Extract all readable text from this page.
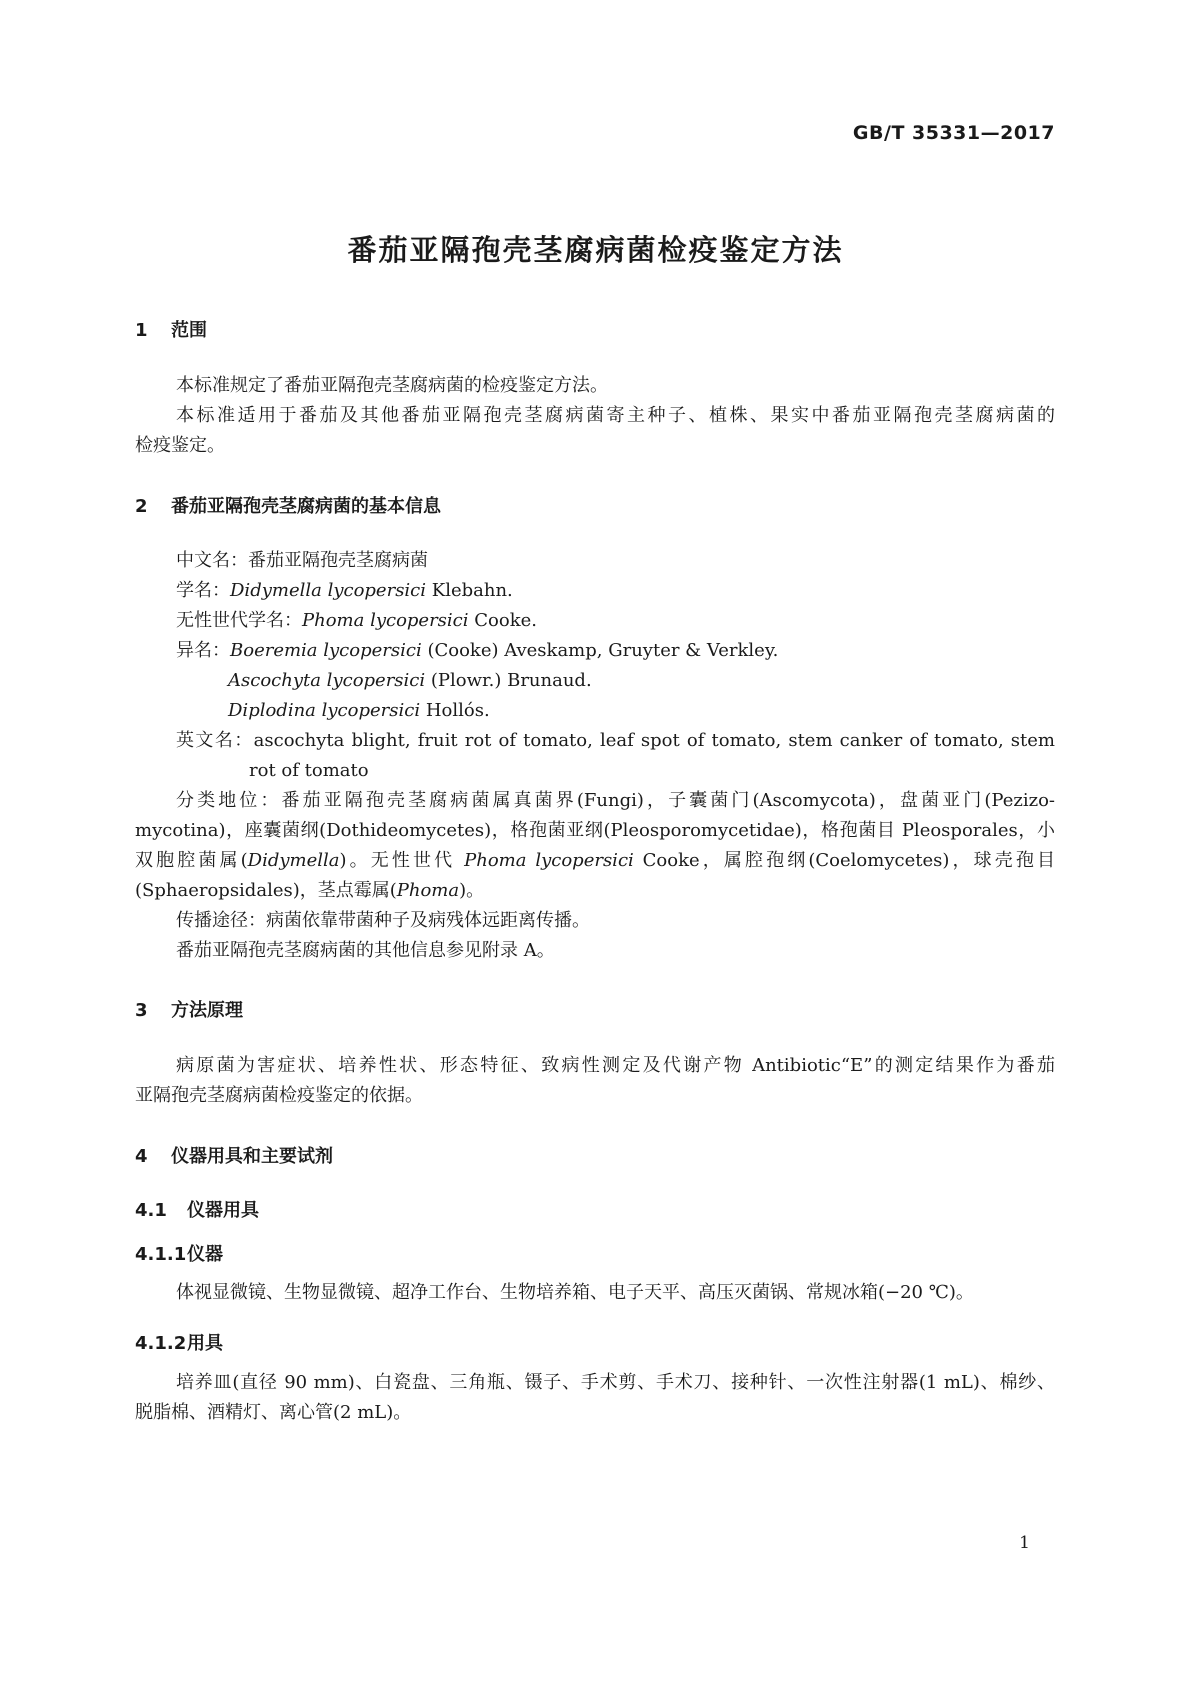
GB/T 35331—2017
番茄亚隔孢壳茎腐病菌检疫鉴定方法
1 范围
本标准规定了番茄亚隔孢壳茎腐病菌的检疫鉴定方法。
本标准适用于番茄及其他番茄亚隔孢壳茎腐病菌寄主种子、植株、果实中番茄亚隔孢壳茎腐病菌的
检疫鉴定。
2 番茄亚隔孢壳茎腐病菌的基本信息
中文名：番茄亚隔孢壳茎腐病菌
学名：Didymella lycopersici Klebahn.
无性世代学名：Phoma lycopersici Cooke.
异名：Boeremia lycopersici (Cooke) Aveskamp, Gruyter & Verkley.
Ascochyta lycopersici (Plowr.) Brunaud.
Diplodina lycopersici Hollós.
英文名：ascochyta blight, fruit rot of tomato, leaf spot of tomato, stem canker of tomato, stem
rot of tomato
分类地位：番茄亚隔孢壳茎腐病菌属真菌界(Fungi)，子囊菌门(Ascomycota)，盘菌亚门(Pezizo-
mycotina)，座囊菌纲(Dothideomycetes)，格孢菌亚纲(Pleosporomycetidae)，格孢菌目 Pleosporales，小
双胞腔菌属(Didymella)。无性世代 Phoma lycopersici Cooke，属腔孢纲(Coelomycetes)，球壳孢目
(Sphaeropsidales)，茎点霉属(Phoma)。
传播途径：病菌依靠带菌种子及病残体远距离传播。
番茄亚隔孢壳茎腐病菌的其他信息参见附录 A。
3 方法原理
病原菌为害症状、培养性状、形态特征、致病性测定及代谢产物 Antibiotic“E”的测定结果作为番茄
亚隔孢壳茎腐病菌检疫鉴定的依据。
4 仪器用具和主要试剂
4.1 仪器用具
4.1.1仪器
体视显微镜、生物显微镜、超净工作台、生物培养箱、电子天平、高压灭菌锅、常规冰箱(−20 ℃)。
4.1.2用具
培养皿(直径 90 mm)、白瓷盘、三角瓶、镊子、手术剪、手术刀、接种针、一次性注射器(1 mL)、棉纱、
脱脂棉、酒精灯、离心管(2 mL)。
1
